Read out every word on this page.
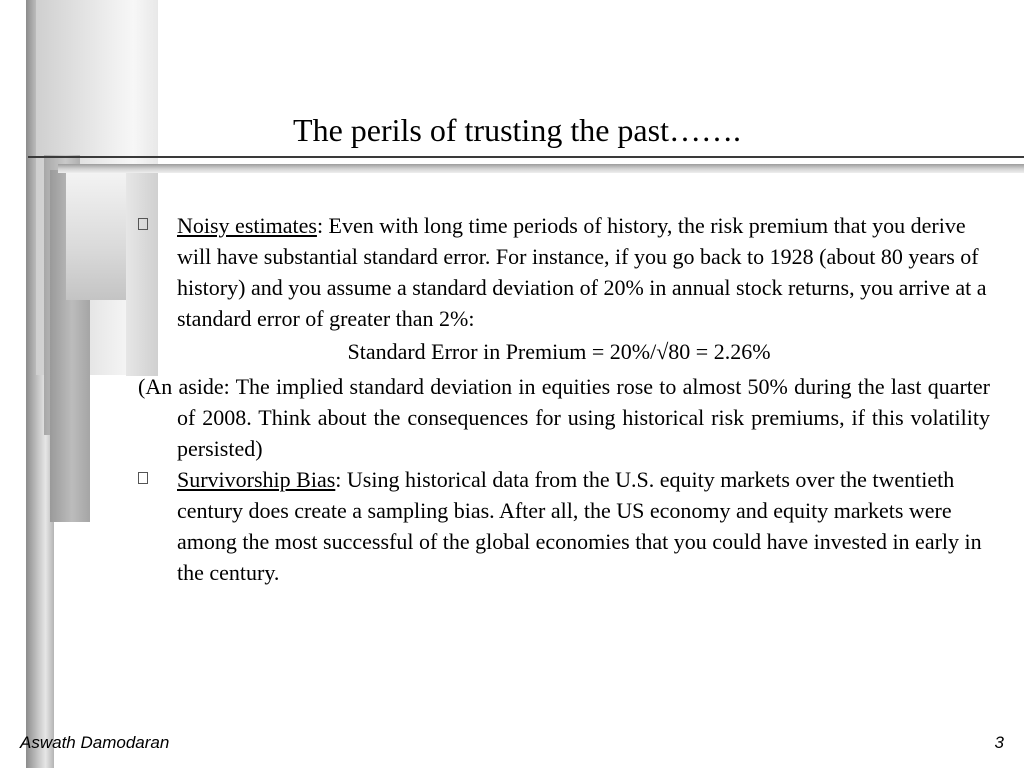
The perils of trusting the past…….
Noisy estimates: Even with long time periods of history, the risk premium that you derive will have substantial standard error. For instance, if you go back to 1928 (about 80 years of history) and you assume a standard deviation of 20% in annual stock returns, you arrive at a standard error of greater than 2%:
Standard Error in Premium = 20%/√80 = 2.26%
(An aside: The implied standard deviation in equities rose to almost 50% during the last quarter of 2008. Think about the consequences for using historical risk premiums, if this volatility persisted)
Survivorship Bias: Using historical data from the U.S. equity markets over the twentieth century does create a sampling bias. After all, the US economy and equity markets were among the most successful of the global economies that you could have invested in early in the century.
Aswath Damodaran	3
